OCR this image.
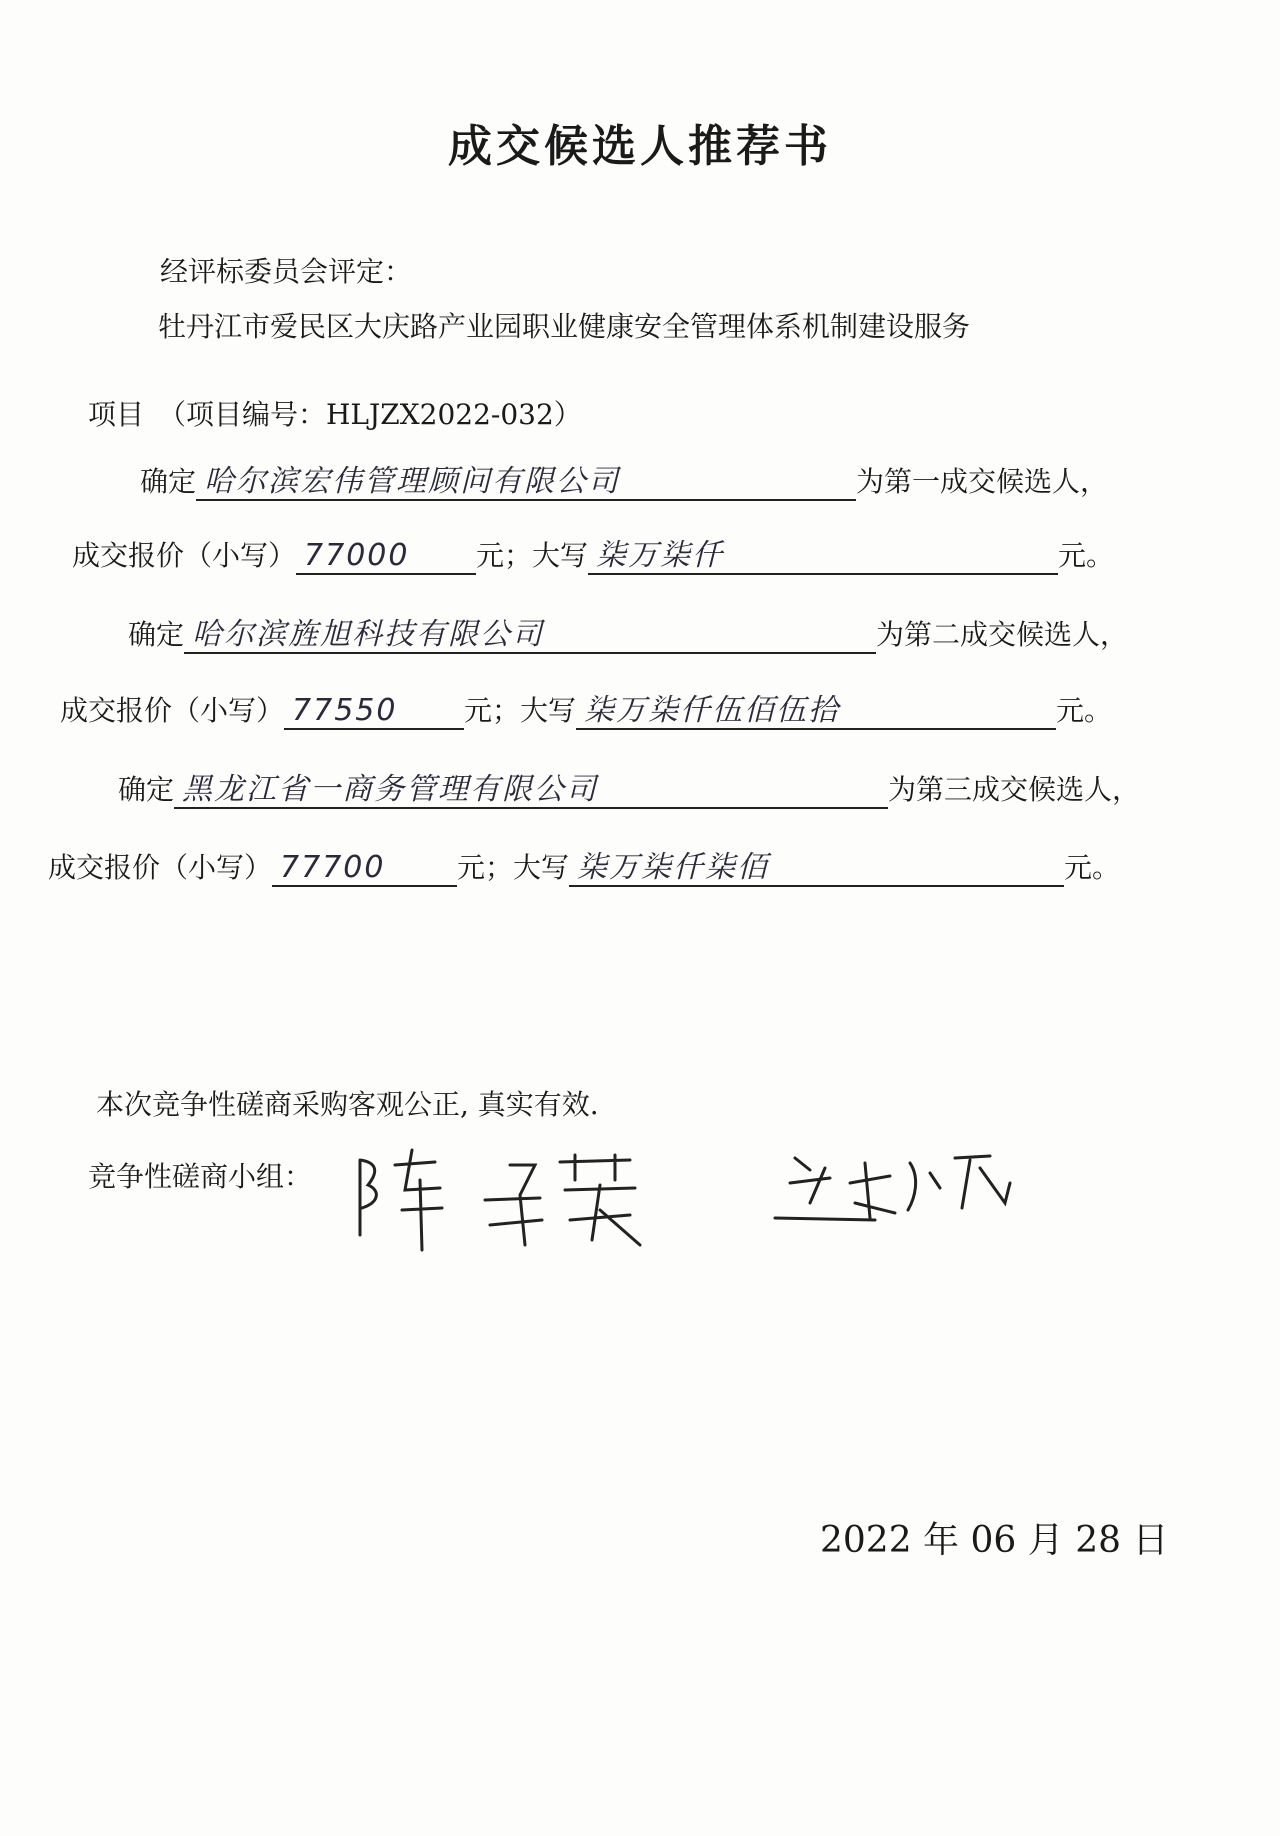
成交候选人推荐书
经评标委员会评定：
牡丹江市爱民区大庆路产业园职业健康安全管理体系机制建设服务
项目　（项目编号：HLJZX2022-032）
确定 哈尔滨宏伟管理顾问有限公司	为第一成交候选人，
成交报价（小写） 77000 元；大写 柒万柒仟	元。
确定 哈尔滨旌旭科技有限公司	为第二成交候选人，
成交报价（小写） 77550 元；大写 柒万柒仟伍佰伍拾	元。
确定 黑龙江省一商务管理有限公司	为第三成交候选人，
成交报价（小写） 77700	元；大写 柒万柒仟柒佰	元。
本次竞争性磋商采购客观公正, 真实有效.
竞争性磋商小组：
2022 年 06 月 28 日
